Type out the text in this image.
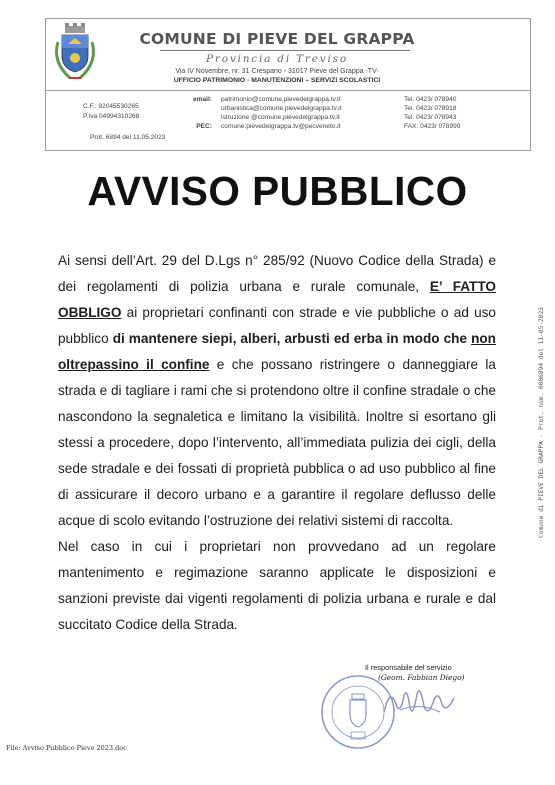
COMUNE DI PIEVE DEL GRAPPA
Provincia di Treviso
Via IV Novembre, nr. 31 Crespano - 31017 Pieve del Grappa -TV-
UFFICIO PATRIMONIO - MANUTENZIONI – SERVIZI SCOLASTICI
C.F.: 92045530265
P.Iva 04994310268
email:
PEC:
patrimonio@comune.pievedelgrappa.tv.it
urbanistica@comune.pievedelgrappa.tv.it
istruzione @comune.pievedelgrappa.tv.it
comune.pievedelgrappa.tv@pecveneto.it
Tel. 0423/ 078940
Tel. 0423/ 078918
Tel. 0423/ 078943
FAX: 0423/ 078999
Prot. 6894 del 11.05.2023
AVVISO PUBBLICO

Ai sensi dell’Art. 29 del D.Lgs n° 285/92 (Nuovo Codice della Strada) e dei regolamenti di polizia urbana e rurale comunale, E’ FATTO OBBLIGO ai proprietari confinanti con strade e vie pubbliche o ad uso pubblico di mantenere siepi, alberi, arbusti ed erba in modo che non oltrepassino il confine e che possano ristringere o danneggiare la strada e di tagliare i rami che si protendono oltre il confine stradale o che nascondono la segnaletica e limitano la visibilità. Inoltre si esortano gli stessi a procedere, dopo l’intervento, all’immediata pulizia dei cigli, della sede stradale e dei fossati di proprietà pubblica o ad uso pubblico al fine di assicurare il decoro urbano e a garantire il regolare deflusso delle acque di scolo evitando l’ostruzione dei relativi sistemi di raccolta.

Nel caso in cui i proprietari non provvedano ad un regolare mantenimento e regimazione saranno applicate le disposizioni e sanzioni previste dai vigenti regolamenti di polizia urbana e rurale e dal succitato Codice della Strada.

Il responsabile del servizio
(Geom. Fabbian Diego)
File: Avviso Pubblico Pieve 2023.doc
Comune di PIEVE DEL GRAPPA - Prot. num. 0006894 del 11-05-2023
